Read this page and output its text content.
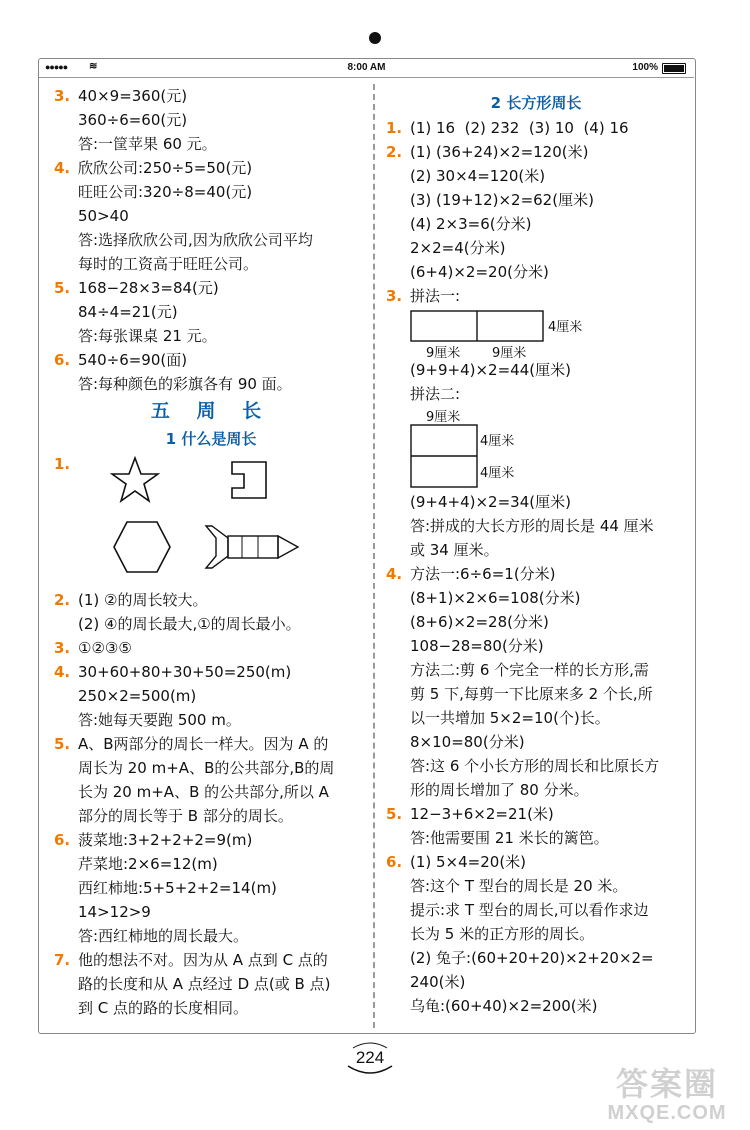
●●●●● ≋	8:00 AM	100%
3. 40×9=360(元)
360÷6=60(元)
答:一筐苹果 60 元。
4. 欣欣公司:250÷5=50(元)
旺旺公司:320÷8=40(元)
50>40
答:选择欣欣公司,因为欣欣公司平均
每时的工资高于旺旺公司。
5. 168−28×3=84(元)
84÷4=21(元)
答:每张课桌 21 元。
6. 540÷6=90(面)
答:每种颜色的彩旗各有 90 面。
五 周 长
1 什么是周长
1.
2. (1) ②的周长较大。
(2) ④的周长最大,①的周长最小。
3. ①②③⑤
4. 30+60+80+30+50=250(m)
250×2=500(m)
答:她每天要跑 500 m。
5. A、B两部分的周长一样大。因为 A 的
周长为 20 m+A、B的公共部分,B的周
长为 20 m+A、B 的公共部分,所以 A
部分的周长等于 B 部分的周长。
6. 菠菜地:3+2+2+2=9(m)
芹菜地:2×6=12(m)
西红柿地:5+5+2+2=14(m)
14>12>9
答:西红柿地的周长最大。
7. 他的想法不对。因为从 A 点到 C 点的
路的长度和从 A 点经过 D 点(或 B 点)
到 C 点的路的长度相同。
2 长方形周长
1. (1) 16  (2) 232  (3) 10  (4) 16
2. (1) (36+24)×2=120(米)
(2) 30×4=120(米)
(3) (19+12)×2=62(厘米)
(4) 2×3=6(分米)
2×2=4(分米)
(6+4)×2=20(分米)
3. 拼法一:
4厘米
9厘米 9厘米
(9+9+4)×2=44(厘米)
拼法二:
9厘米
4厘米
4厘米
(9+4+4)×2=34(厘米)
答:拼成的大长方形的周长是 44 厘米
或 34 厘米。
4. 方法一:6÷6=1(分米)
(8+1)×2×6=108(分米)
(8+6)×2=28(分米)
108−28=80(分米)
方法二:剪 6 个完全一样的长方形,需
剪 5 下,每剪一下比原来多 2 个长,所
以一共增加 5×2=10(个)长。
8×10=80(分米)
答:这 6 个小长方形的周长和比原长方
形的周长增加了 80 分米。
5. 12−3+6×2=21(米)
答:他需要围 21 米长的篱笆。
6. (1) 5×4=20(米)
答:这个 T 型台的周长是 20 米。
提示:求 T 型台的周长,可以看作求边
长为 5 米的正方形的周长。
(2) 兔子:(60+20+20)×2+20×2=
240(米)
乌龟:(60+40)×2=200(米)
224
答案圈
MXQE.COM
